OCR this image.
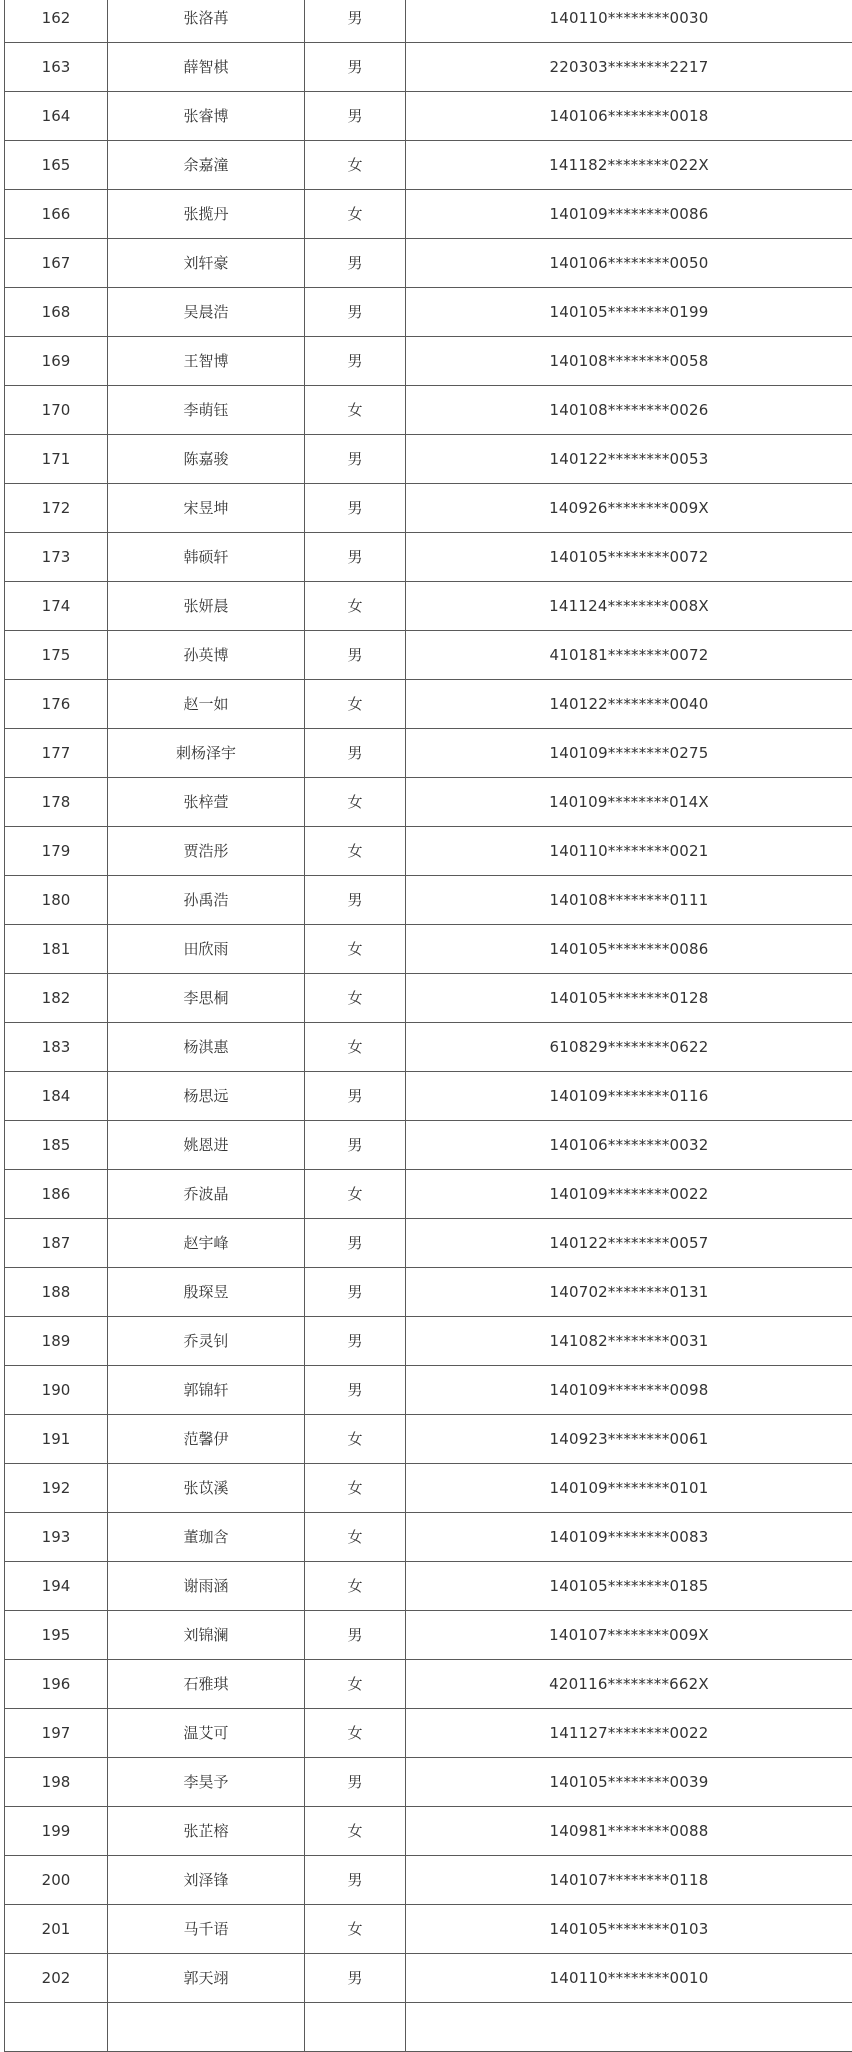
162	张洛苒	男	140110********0030
163	薛智棋	男	220303********2217
164	张睿博	男	140106********0018
165	余嘉潼	女	141182********022X
166	张揽丹	女	140109********0086
167	刘轩豪	男	140106********0050
168	吴晨浩	男	140105********0199
169	王智博	男	140108********0058
170	李萌钰	女	140108********0026
171	陈嘉骏	男	140122********0053
172	宋昱坤	男	140926********009X
173	韩硕轩	男	140105********0072
174	张妍晨	女	141124********008X
175	孙英博	男	410181********0072
176	赵一如	女	140122********0040
177	刺杨泽宇	男	140109********0275
178	张梓萱	女	140109********014X
179	贾浩彤	女	140110********0021
180	孙禹浩	男	140108********0111
181	田欣雨	女	140105********0086
182	李思桐	女	140105********0128
183	杨淇惠	女	610829********0622
184	杨思远	男	140109********0116
185	姚恩进	男	140106********0032
186	乔波晶	女	140109********0022
187	赵宇峰	男	140122********0057
188	殷琛昱	男	140702********0131
189	乔灵钊	男	141082********0031
190	郭锦轩	男	140109********0098
191	范馨伊	女	140923********0061
192	张苡溪	女	140109********0101
193	董珈含	女	140109********0083
194	谢雨涵	女	140105********0185
195	刘锦澜	男	140107********009X
196	石雅琪	女	420116********662X
197	温艾可	女	141127********0022
198	李昊予	男	140105********0039
199	张芷榕	女	140981********0088
200	刘泽锋	男	140107********0118
201	马千语	女	140105********0103
202	郭天翊	男	140110********0010
